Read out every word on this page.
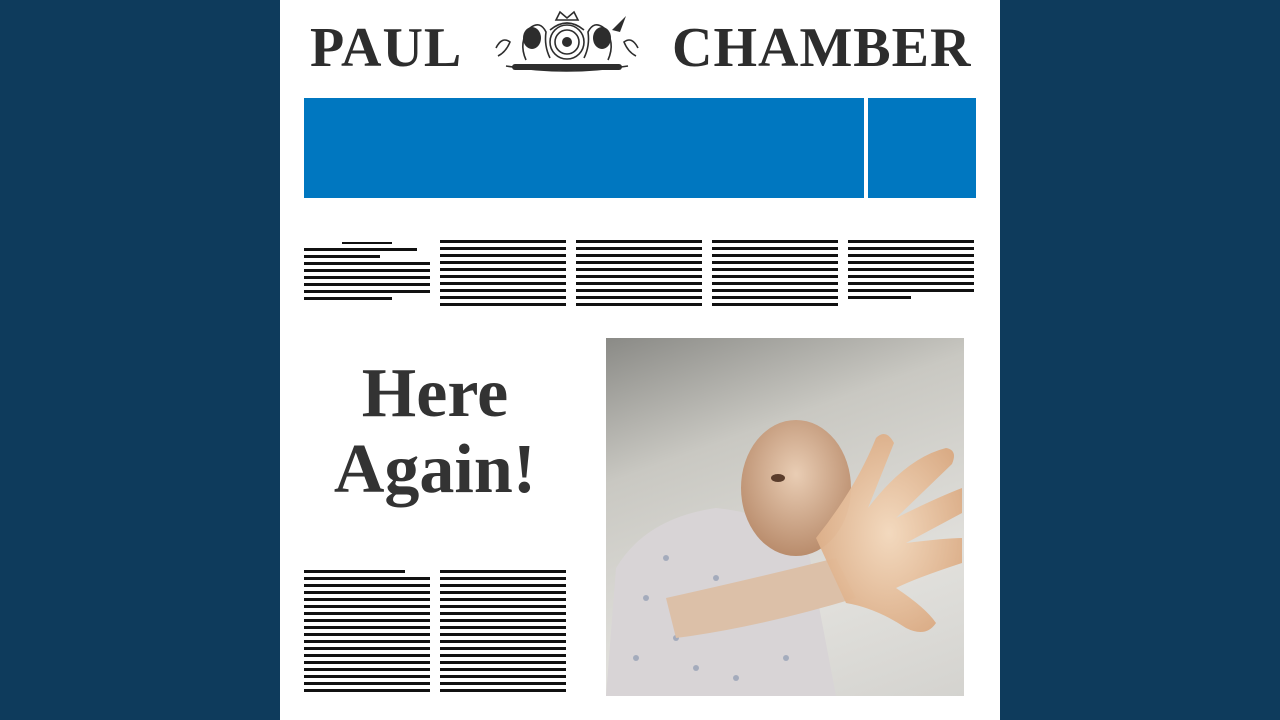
PAUL	CHAMBER
Here
Again!
